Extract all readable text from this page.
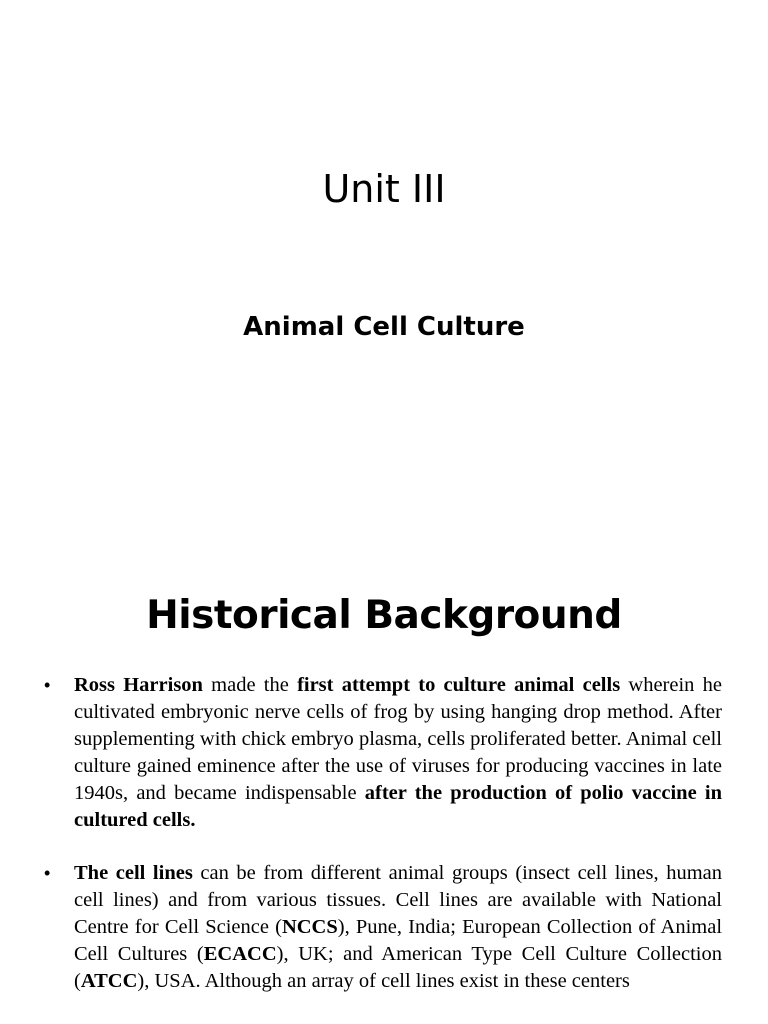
Unit III
Animal Cell Culture
Historical Background
• Ross Harrison made the first attempt to culture animal cells wherein he cultivated embryonic nerve cells of frog by using hanging drop method. After supplementing with chick embryo plasma, cells proliferated better. Animal cell culture gained eminence after the use of viruses for producing vaccines in late 1940s, and became indispensable after the production of polio vaccine in cultured cells.
• The cell lines can be from different animal groups (insect cell lines, human cell lines) and from various tissues. Cell lines are available with National Centre for Cell Science (NCCS), Pune, India; European Collection of Animal Cell Cultures (ECACC), UK; and American Type Cell Culture Collection (ATCC), USA. Although an array of cell lines exist in these centers
